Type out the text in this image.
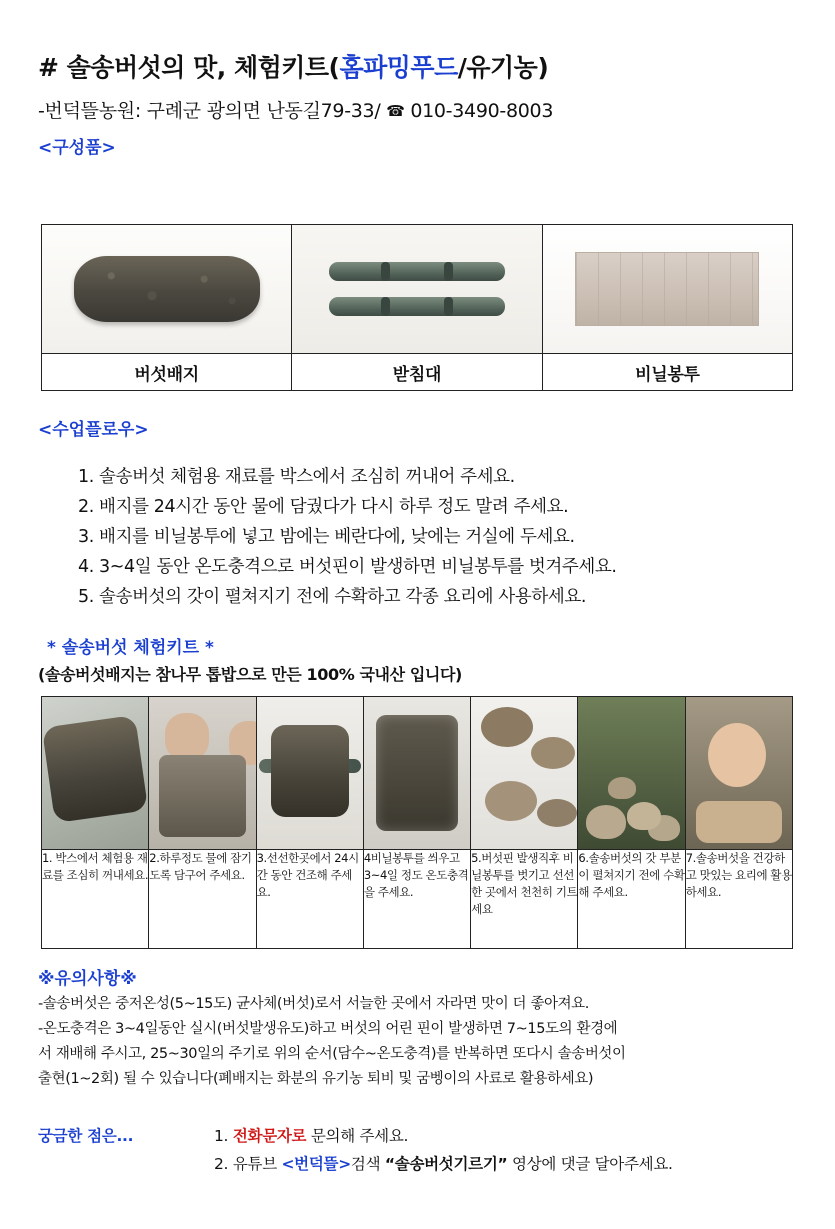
# 솔송버섯의 맛, 체험키트(홈파밍푸드/유기농)
-번덕뜰농원: 구례군 광의면 난동길79-33/ ☎ 010-3490-8003
<구성품>

버섯배지	받침대	비닐봉투
<수업플로우>
1. 솔송버섯 체험용 재료를 박스에서 조심히 꺼내어 주세요.
2. 배지를 24시간 동안 물에 담궜다가 다시 하루 정도 말려 주세요.
3. 배지를 비닐봉투에 넣고 밤에는 베란다에, 낮에는 거실에 두세요.
4. 3~4일 동안 온도충격으로 버섯핀이 발생하면 비닐봉투를 벗겨주세요.
5. 솔송버섯의 갓이 펼쳐지기 전에 수확하고 각종 요리에 사용하세요.
* 솔송버섯 체험키트 *
(솔송버섯배지는 참나무 톱밥으로 만든 100% 국내산 입니다)

1. 박스에서 체험용 재료를 조심히 꺼내세요.	2.하루정도 물에 잠기도록 담구어 주세요.	3.선선한곳에서 24시간 동안 건조해 주세요.	4비닐봉투를 씌우고 3~4일 정도 온도충격을 주세요.	5.버섯핀 발생직후 비닐봉투를 벗기고 선선한 곳에서 천천히 기트세요	6.솔송버섯의 갓 부분이 펼쳐지기 전에 수확해 주세요.	7.솔송버섯을 건강하고 맛있는 요리에 활용하세요.
※유의사항※
-솔송버섯은 중저온성(5~15도) 균사체(버섯)로서 서늘한 곳에서 자라면 맛이 더 좋아져요.
-온도충격은 3~4일동안 실시(버섯발생유도)하고 버섯의 어린 핀이 발생하면 7~15도의 환경에
서 재배해 주시고, 25~30일의 주기로 위의 순서(담수~온도충격)를 반복하면 또다시 솔송버섯이
출현(1~2회) 될 수 있습니다(폐배지는 화분의 유기농 퇴비 및 굼벵이의 사료로 활용하세요)
궁금한 점은...	1. 전화문자로 문의해 주세요.
2. 유튜브 <번덕뜰>검색 “솔송버섯기르기” 영상에 댓글 달아주세요.
